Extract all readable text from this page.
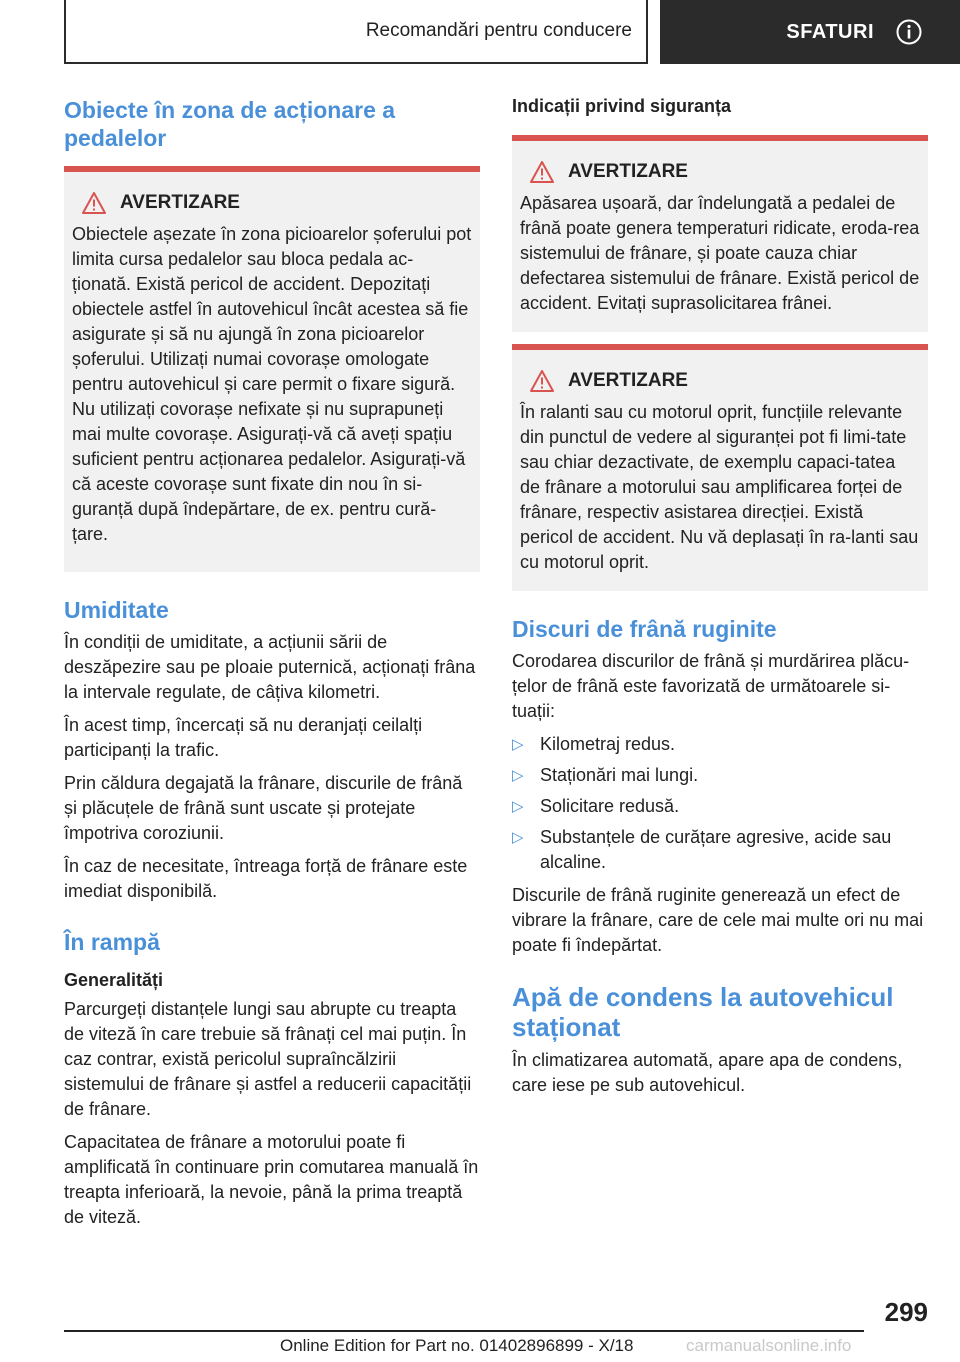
Recomandări pentru conducere	SFATURI
Obiecte în zona de acționare a pedalelor
AVERTIZARE
Obiectele așezate în zona picioarelor șoferului pot limita cursa pedalelor sau bloca pedala ac-ționată. Există pericol de accident. Depozitați obiectele astfel în autovehicul încât acestea să fie asigurate și să nu ajungă în zona picioarelor șoferului. Utilizați numai covorașe omologate pentru autovehicul și care permit o fixare sigură. Nu utilizați covorașe nefixate și nu suprapuneți mai multe covorașe. Asigurați-vă că aveți spațiu suficient pentru acționarea pedalelor. Asigurați-vă că aceste covorașe sunt fixate din nou în si-guranță după îndepărtare, de ex. pentru cură-țare.
Umiditate

În condiții de umiditate, a acțiunii sării de deszăpezire sau pe ploaie puternică, acționați frâna la intervale regulate, de câțiva kilometri.

În acest timp, încercați să nu deranjați ceilalți participanți la trafic.

Prin căldura degajată la frânare, discurile de frână și plăcuțele de frână sunt uscate și protejate împotriva coroziunii.

În caz de necesitate, întreaga forță de frânare este imediat disponibilă.

În rampă
Generalități

Parcurgeți distanțele lungi sau abrupte cu treapta de viteză în care trebuie să frânați cel mai puțin. În caz contrar, există pericolul supraîncălzirii sistemului de frânare și astfel a reducerii capacității de frânare.

Capacitatea de frânare a motorului poate fi amplificată în continuare prin comutarea manuală în treapta inferioară, la nevoie, până la prima treaptă de viteză.

Indicații privind siguranța
AVERTIZARE
Apăsarea ușoară, dar îndelungată a pedalei de frână poate genera temperaturi ridicate, eroda-rea sistemului de frânare, și poate cauza chiar defectarea sistemului de frânare. Există pericol de accident. Evitați suprasolicitarea frânei.
AVERTIZARE
În ralanti sau cu motorul oprit, funcțiile relevante din punctul de vedere al siguranței pot fi limi-tate sau chiar dezactivate, de exemplu capaci-tatea de frânare a motorului sau amplificarea forței de frânare, respectiv asistarea direcției. Există pericol de accident. Nu vă deplasați în ra-lanti sau cu motorul oprit.
Discuri de frână ruginite

Corodarea discurilor de frână și murdărirea plăcu-țelor de frână este favorizată de următoarele si-tuații:

▷ Kilometraj redus.
▷ Staționări mai lungi.
▷ Solicitare redusă.
▷ Substanțele de curățare agresive, acide sau alcaline.

Discurile de frână ruginite generează un efect de vibrare la frânare, care de cele mai multe ori nu mai poate fi îndepărtat.

Apă de condens la autovehicul staționat

În climatizarea automată, apare apa de condens, care iese pe sub autovehicul.

299
Online Edition for Part no. 01402896899 - X/18	carmanualsonline.info
